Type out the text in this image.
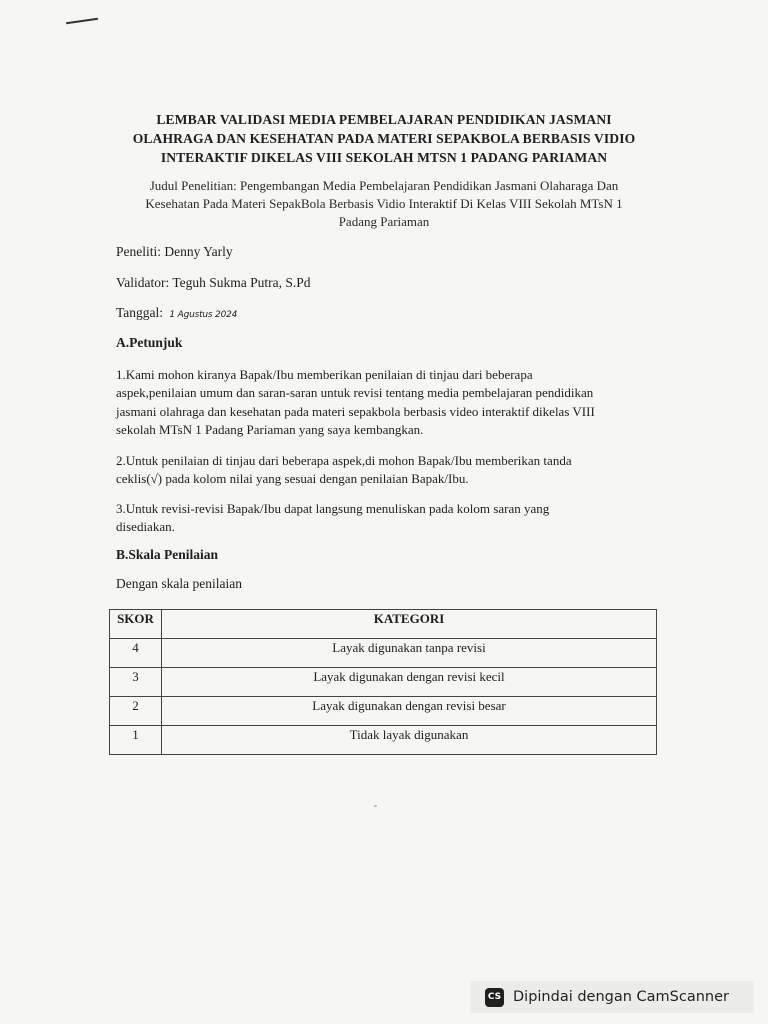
LEMBAR VALIDASI MEDIA PEMBELAJARAN PENDIDIKAN JASMANI
OLAHRAGA DAN KESEHATAN PADA MATERI SEPAKBOLA BERBASIS VIDIO
INTERAKTIF DIKELAS VIII SEKOLAH MTSN 1 PADANG PARIAMAN
Judul Penelitian: Pengembangan Media Pembelajaran Pendidikan Jasmani Olaharaga Dan
Kesehatan Pada Materi SepakBola Berbasis Vidio Interaktif Di Kelas VIII Sekolah MTsN 1
Padang Pariaman
Peneliti: Denny Yarly
Validator: Teguh Sukma Putra, S.Pd
Tanggal: 1 Agustus 2024
A.Petunjuk
1.Kami mohon kiranya Bapak/Ibu memberikan penilaian di tinjau dari beberapa
aspek,penilaian umum dan saran-saran untuk revisi tentang media pembelajaran pendidikan
jasmani olahraga dan kesehatan pada materi sepakbola berbasis video interaktif dikelas VIII
sekolah MTsN 1 Padang Pariaman yang saya kembangkan.
2.Untuk penilaian di tinjau dari beberapa aspek,di mohon Bapak/Ibu memberikan tanda
ceklis(√) pada kolom nilai yang sesuai dengan penilaian Bapak/Ibu.
3.Untuk revisi-revisi Bapak/Ibu dapat langsung menuliskan pada kolom saran yang
disediakan.
B.Skala Penilaian
Dengan skala penilaian
SKOR	KATEGORI
4	Layak digunakan tanpa revisi
3	Layak digunakan dengan revisi kecil
2	Layak digunakan dengan revisi besar
1	Tidak layak digunakan
CS Dipindai dengan CamScanner
